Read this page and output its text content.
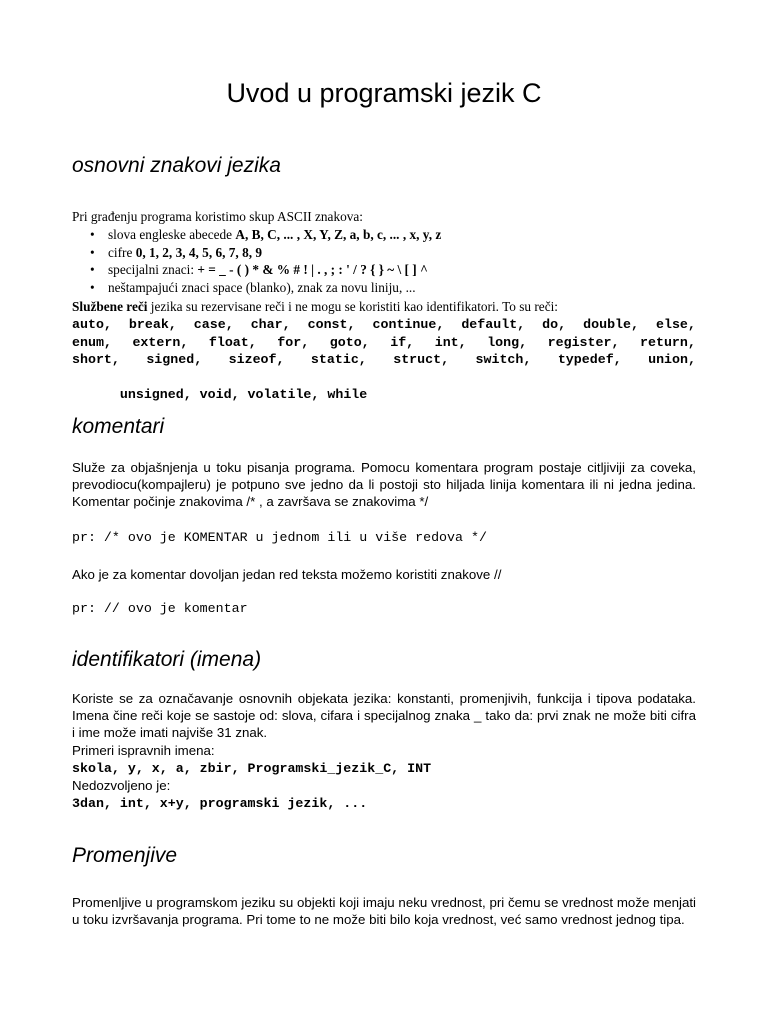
Uvod u programski jezik C
osnovni znakovi jezika

Pri građenju programa koristimo skup ASCII znakova:

• slova engleske abecede A, B, C, ... , X, Y, Z, a, b, c, ... , x, y, z
• cifre 0, 1, 2, 3, 4, 5, 6, 7, 8, 9
• specijalni znaci: + = _ - ( ) * & % # ! | . , ; : ' / ? { } ~ \ [ ] ^
• neštampajući znaci space (blanko), znak za novu liniju, ...

Službene reči jezika su rezervisane reči i ne mogu se koristiti kao identifikatori. To su reči:

auto, break, case, char, const, continue, default, do, double, else,
enum, extern, float, for, goto, if, int, long, register, return,
short, signed, sizeof, static, struct, switch, typedef, union,

unsigned, void, volatile, while

komentari

Služe za objašnjenja u toku pisanja programa. Pomocu komentara program postaje citljiviji za coveka, prevodiocu(kompajleru) je potpuno sve jedno da li postoji sto hiljada linija komentara ili ni jedna jedina. Komentar počinje znakovima /* , a završava se znakovima */

pr: /* ovo je KOMENTAR u jednom ili u više redova */

Ako je za komentar dovoljan jedan red teksta možemo koristiti znakove //

pr: // ovo je komentar

identifikatori (imena)

Koriste se za označavanje osnovnih objekata jezika: konstanti, promenjivih, funkcija i tipova podataka. Imena čine reči koje se sastoje od: slova, cifara i specijalnog znaka _ tako da: prvi znak ne može biti cifra i ime može imati najviše 31 znak.

Primeri ispravnih imena:

skola, y, x, a, zbir, Programski_jezik_C, INT

Nedozvoljeno je:

3dan, int, x+y, programski jezik, ...

Promenjive

Promenljive u programskom jeziku su objekti koji imaju neku vrednost, pri čemu se vrednost može menjati u toku izvršavanja programa. Pri tome to ne može biti bilo koja vrednost, već samo vrednost jednog tipa.
